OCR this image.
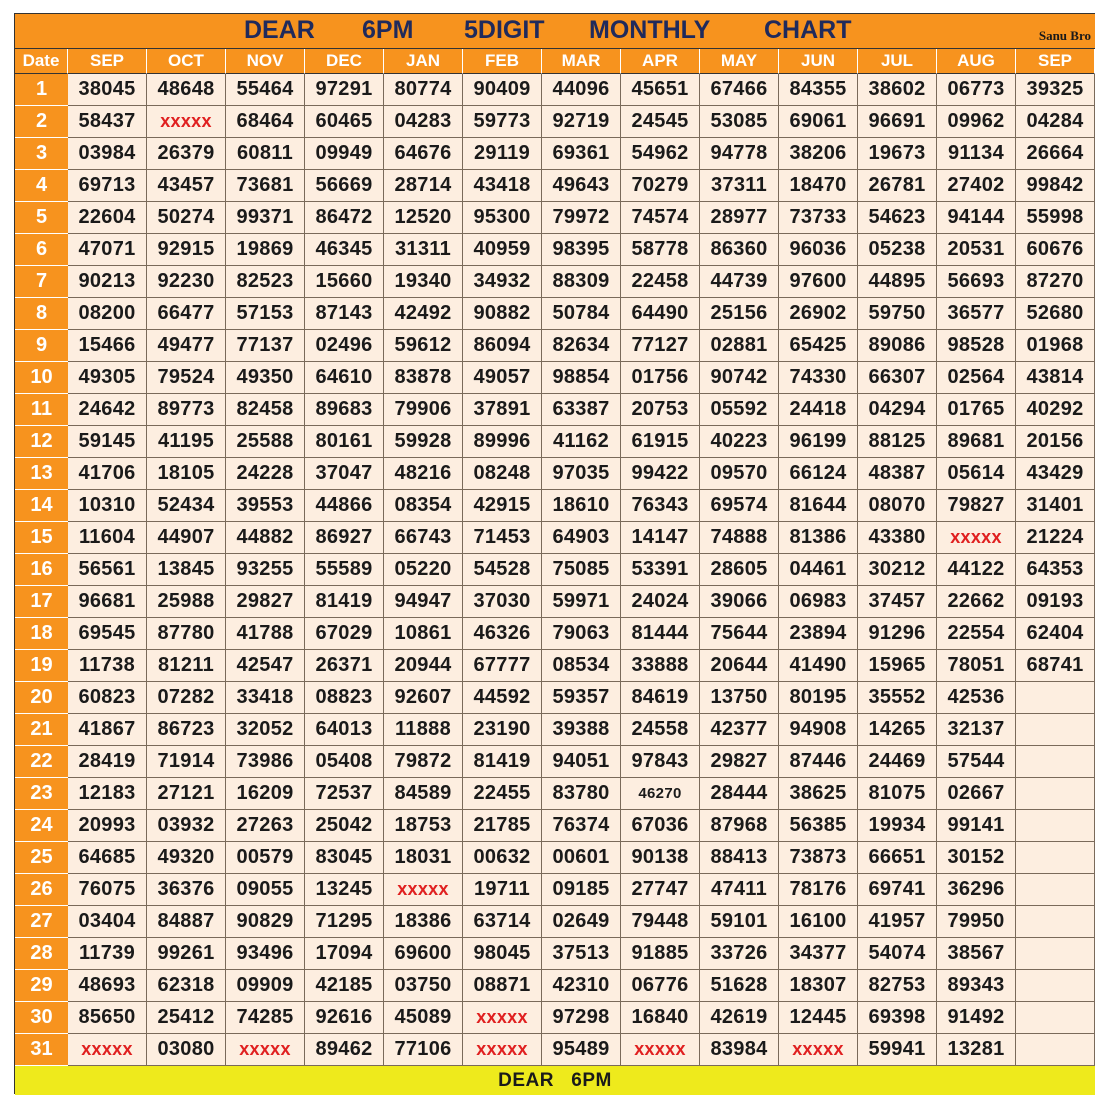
DEAR 6PM 5DIGIT MONTHLY CHART	Sanu Bro
Date	SEP	OCT	NOV	DEC	JAN	FEB	MAR	APR	MAY	JUN	JUL	AUG	SEP
1	38045	48648	55464	97291	80774	90409	44096	45651	67466	84355	38602	06773	39325
2	58437	xxxxx	68464	60465	04283	59773	92719	24545	53085	69061	96691	09962	04284
3	03984	26379	60811	09949	64676	29119	69361	54962	94778	38206	19673	91134	26664
4	69713	43457	73681	56669	28714	43418	49643	70279	37311	18470	26781	27402	99842
5	22604	50274	99371	86472	12520	95300	79972	74574	28977	73733	54623	94144	55998
6	47071	92915	19869	46345	31311	40959	98395	58778	86360	96036	05238	20531	60676
7	90213	92230	82523	15660	19340	34932	88309	22458	44739	97600	44895	56693	87270
8	08200	66477	57153	87143	42492	90882	50784	64490	25156	26902	59750	36577	52680
9	15466	49477	77137	02496	59612	86094	82634	77127	02881	65425	89086	98528	01968
10	49305	79524	49350	64610	83878	49057	98854	01756	90742	74330	66307	02564	43814
11	24642	89773	82458	89683	79906	37891	63387	20753	05592	24418	04294	01765	40292
12	59145	41195	25588	80161	59928	89996	41162	61915	40223	96199	88125	89681	20156
13	41706	18105	24228	37047	48216	08248	97035	99422	09570	66124	48387	05614	43429
14	10310	52434	39553	44866	08354	42915	18610	76343	69574	81644	08070	79827	31401
15	11604	44907	44882	86927	66743	71453	64903	14147	74888	81386	43380	xxxxx	21224
16	56561	13845	93255	55589	05220	54528	75085	53391	28605	04461	30212	44122	64353
17	96681	25988	29827	81419	94947	37030	59971	24024	39066	06983	37457	22662	09193
18	69545	87780	41788	67029	10861	46326	79063	81444	75644	23894	91296	22554	62404
19	11738	81211	42547	26371	20944	67777	08534	33888	20644	41490	15965	78051	68741
20	60823	07282	33418	08823	92607	44592	59357	84619	13750	80195	35552	42536
21	41867	86723	32052	64013	11888	23190	39388	24558	42377	94908	14265	32137
22	28419	71914	73986	05408	79872	81419	94051	97843	29827	87446	24469	57544
23	12183	27121	16209	72537	84589	22455	83780	46270	28444	38625	81075	02667
24	20993	03932	27263	25042	18753	21785	76374	67036	87968	56385	19934	99141
25	64685	49320	00579	83045	18031	00632	00601	90138	88413	73873	66651	30152
26	76075	36376	09055	13245	xxxxx	19711	09185	27747	47411	78176	69741	36296
27	03404	84887	90829	71295	18386	63714	02649	79448	59101	16100	41957	79950
28	11739	99261	93496	17094	69600	98045	37513	91885	33726	34377	54074	38567
29	48693	62318	09909	42185	03750	08871	42310	06776	51628	18307	82753	89343
30	85650	25412	74285	92616	45089	xxxxx	97298	16840	42619	12445	69398	91492
31	xxxxx	03080	xxxxx	89462	77106	xxxxx	95489	xxxxx	83984	xxxxx	59941	13281
DEAR   6PM
